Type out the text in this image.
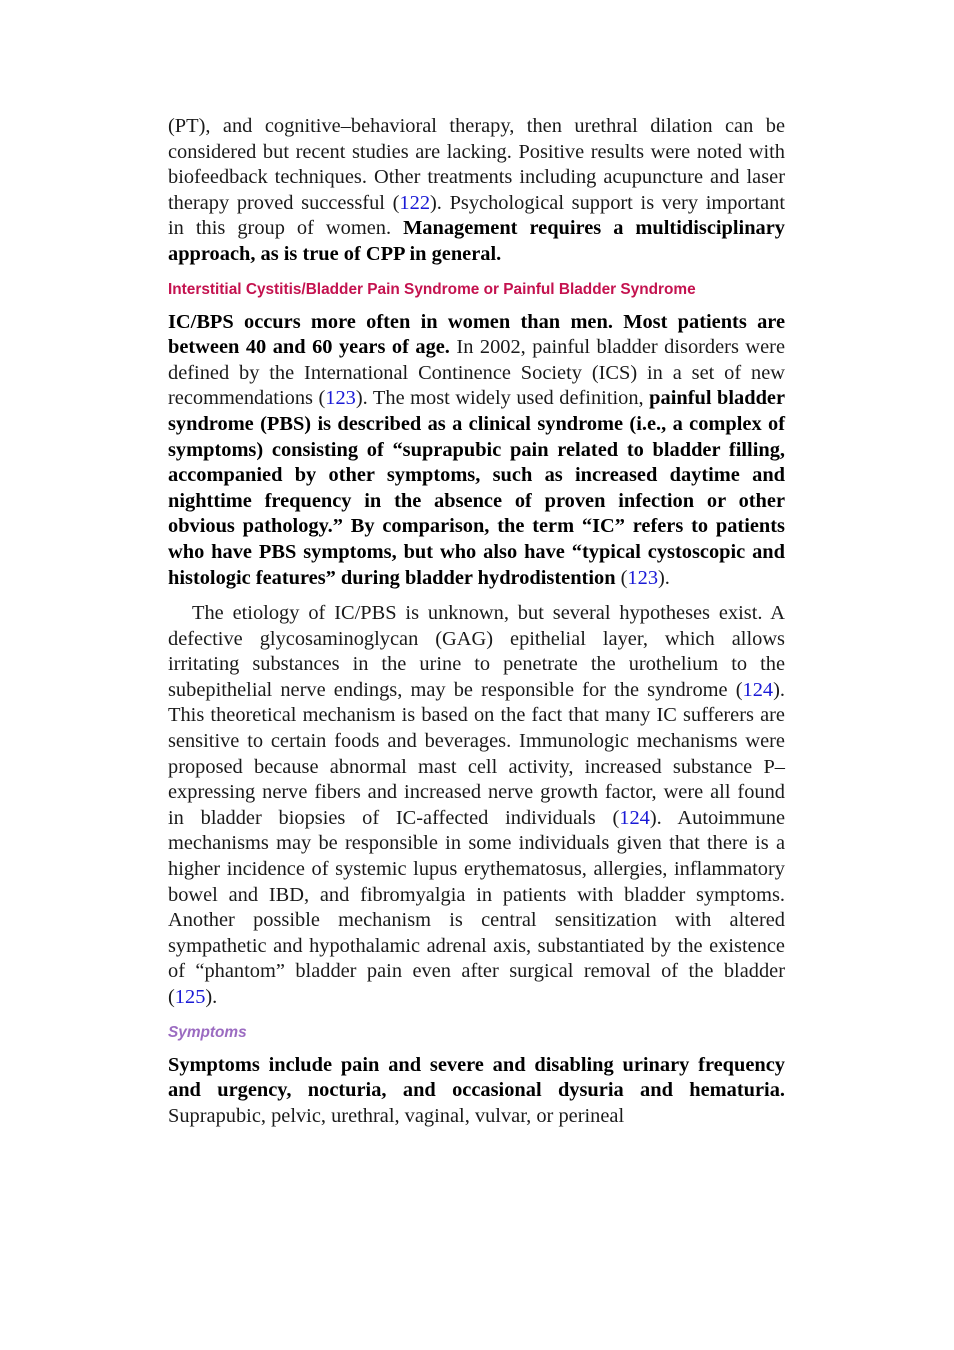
(PT), and cognitive–behavioral therapy, then urethral dilation can be considered but recent studies are lacking. Positive results were noted with biofeedback techniques. Other treatments including acupuncture and laser therapy proved successful (122). Psychological support is very important in this group of women. Management requires a multidisciplinary approach, as is true of CPP in general.

Interstitial Cystitis/Bladder Pain Syndrome or Painful Bladder Syndrome

IC/BPS occurs more often in women than men. Most patients are between 40 and 60 years of age. In 2002, painful bladder disorders were defined by the International Continence Society (ICS) in a set of new recommendations (123). The most widely used definition, painful bladder syndrome (PBS) is described as a clinical syndrome (i.e., a complex of symptoms) consisting of “suprapubic pain related to bladder filling, accompanied by other symptoms, such as increased daytime and nighttime frequency in the absence of proven infection or other obvious pathology.” By comparison, the term “IC” refers to patients who have PBS symptoms, but who also have “typical cystoscopic and histologic features” during bladder hydrodistention (123).

The etiology of IC/PBS is unknown, but several hypotheses exist. A defective glycosaminoglycan (GAG) epithelial layer, which allows irritating substances in the urine to penetrate the urothelium to the subepithelial nerve endings, may be responsible for the syndrome (124). This theoretical mechanism is based on the fact that many IC sufferers are sensitive to certain foods and beverages. Immunologic mechanisms were proposed because abnormal mast cell activity, increased substance P–expressing nerve fibers and increased nerve growth factor, were all found in bladder biopsies of IC-affected individuals (124). Autoimmune mechanisms may be responsible in some individuals given that there is a higher incidence of systemic lupus erythematosus, allergies, inflammatory bowel and IBD, and fibromyalgia in patients with bladder symptoms. Another possible mechanism is central sensitization with altered sympathetic and hypothalamic adrenal axis, substantiated by the existence of “phantom” bladder pain even after surgical removal of the bladder (125).

Symptoms

Symptoms include pain and severe and disabling urinary frequency and urgency, nocturia, and occasional dysuria and hematuria. Suprapubic, pelvic, urethral, vaginal, vulvar, or perineal
